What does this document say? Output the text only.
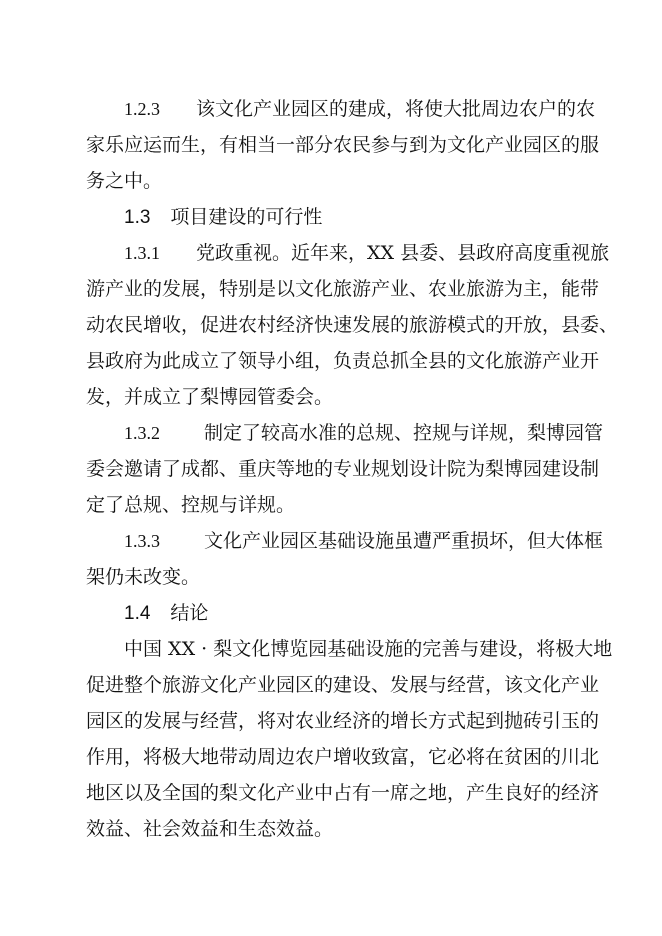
1.2.3 该文化产业园区的建成，将使大批周边农户的农
家乐应运而生，有相当一部分农民参与到为文化产业园区的服
务之中。
1.3 项目建设的可行性
1.3.1 党政重视。近年来，XX 县委、县政府高度重视旅
游产业的发展，特别是以文化旅游产业、农业旅游为主，能带
动农民增收，促进农村经济快速发展的旅游模式的开放，县委、
县政府为此成立了领导小组，负责总抓全县的文化旅游产业开
发，并成立了梨博园管委会。
1.3.2 制定了较高水准的总规、控规与详规，梨博园管
委会邀请了成都、重庆等地的专业规划设计院为梨博园建设制
定了总规、控规与详规。
1.3.3 文化产业园区基础设施虽遭严重损坏，但大体框
架仍未改变。
1.4 结论
中国 XX · 梨文化博览园基础设施的完善与建设，将极大地
促进整个旅游文化产业园区的建设、发展与经营，该文化产业
园区的发展与经营，将对农业经济的增长方式起到抛砖引玉的
作用，将极大地带动周边农户增收致富，它必将在贫困的川北
地区以及全国的梨文化产业中占有一席之地，产生良好的经济
效益、社会效益和生态效益。
